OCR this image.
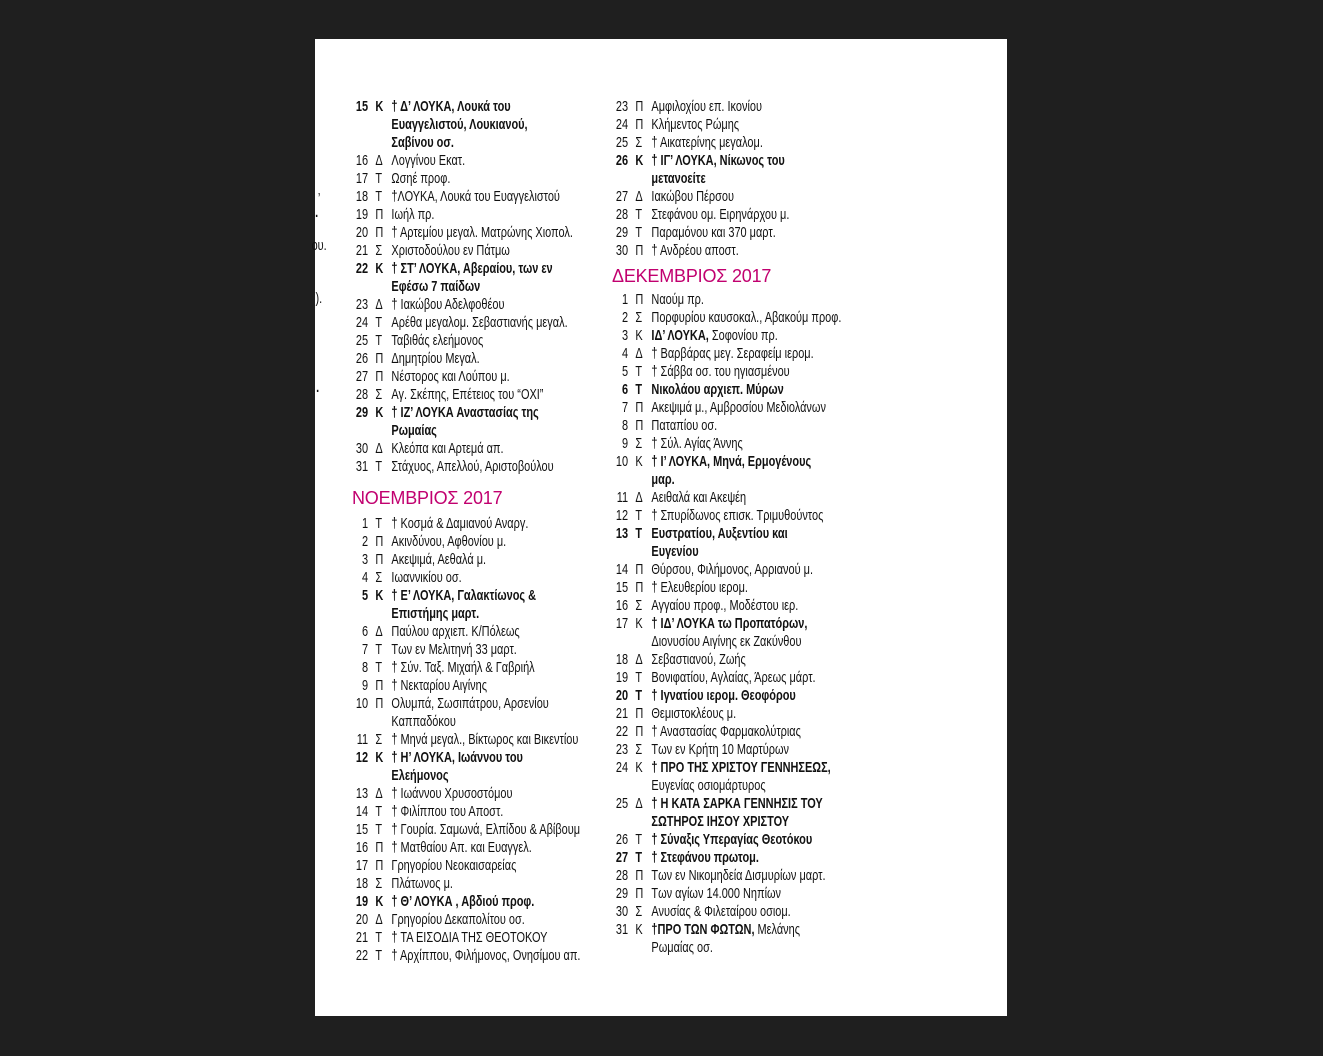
’
.
ου.
).
.
15 Κ † Δ’ ΛΟΥΚΑ, Λουκά του
Ευαγγελιστού, Λουκιανού,
Σαβίνου οσ.
16 Δ Λογγίνου Εκατ.
17 Τ Ωσηέ προφ.
18 Τ †ΛΟΥΚΑ, Λουκά του Ευαγγελιστού
19 Π Ιωήλ πρ.
20 Π † Αρτεμίου μεγαλ. Ματρώνης Χιοπολ.
21 Σ Χριστοδούλου εν Πάτμω
22 Κ † ΣΤ’ ΛΟΥΚΑ, Αβεραίου, των εν
Εφέσω 7 παίδων
23 Δ † Ιακώβου Αδελφοθέου
24 Τ Αρέθα μεγαλομ. Σεβαστιανής μεγαλ.
25 Τ Ταβιθάς ελεήμονος
26 Π Δημητρίου Μεγαλ.
27 Π Νέστορος και Λούπου μ.
28 Σ Αγ. Σκέπης, Επέτειος του “ΟΧΙ”
29 Κ † ΙΖ’ ΛΟΥΚΑ Αναστασίας της
Ρωμαίας
30 Δ Κλεόπα και Αρτεμά απ.
31 Τ Στάχυος, Απελλού, Αριστοβούλου
ΝΟΕΜΒΡΙΟΣ 2017
1 Τ † Κοσμά & Δαμιανού Αναργ.
2 Π Ακινδύνου, Αφθονίου μ.
3 Π Ακεψιμά, Αεθαλά μ.
4 Σ Ιωαννικίου οσ.
5 Κ † Ε’ ΛΟΥΚΑ, Γαλακτίωνος &
Επιστήμης μαρτ.
6 Δ Παύλου αρχιεπ. Κ/Πόλεως
7 Τ Των εν Μελιτηνή 33 μαρτ.
8 Τ † Σύν. Ταξ. Μιχαήλ & Γαβριήλ
9 Π † Νεκταρίου Αιγίνης
10 Π Ολυμπά, Σωσιπάτρου, Αρσενίου
Καππαδόκου
11 Σ † Μηνά μεγαλ., Βίκτωρος και Βικεντίου
12 Κ † Η’ ΛΟΥΚΑ, Ιωάννου του
Ελεήμονος
13 Δ † Ιωάννου Χρυσοστόμου
14 Τ † Φιλίππου του Αποστ.
15 Τ † Γουρία. Σαμωνά, Ελπίδου & Αβίβουμ
16 Π † Ματθαίου Απ. και Ευαγγελ.
17 Π Γρηγορίου Νεοκαισαρείας
18 Σ Πλάτωνος μ.
19 Κ † Θ’ ΛΟΥΚΑ , Αβδιού προφ.
20 Δ Γρηγορίου Δεκαπολίτου οσ.
21 Τ † ΤΑ ΕΙΣΟΔΙΑ ΤΗΣ ΘΕΟΤΟΚΟΥ
22 Τ † Αρχίππου, Φιλήμονος, Ονησίμου απ.
23 Π Αμφιλοχίου επ. Ικονίου
24 Π Κλήμεντος Ρώμης
25 Σ † Αικατερίνης μεγαλομ.
26 Κ † ΙΓ’ ΛΟΥΚΑ, Νίκωνος του
μετανοείτε
27 Δ Ιακώβου Πέρσου
28 Τ Στεφάνου ομ. Ειρηνάρχου μ.
29 Τ Παραμόνου και 370 μαρτ.
30 Π † Ανδρέου αποστ.
ΔΕΚΕΜΒΡΙΟΣ 2017
1 Π Ναούμ πρ.
2 Σ Πορφυρίου καυσοκαλ., Αβακούμ προφ.
3 Κ ΙΔ’ ΛΟΥΚΑ, Σοφονίου πρ.
4 Δ † Βαρβάρας μεγ. Σεραφείμ ιερομ.
5 Τ † Σάββα οσ. του ηγιασμένου
6 Τ Νικολάου αρχιεπ. Μύρων
7 Π Ακεψιμά μ., Αμβροσίου Μεδιολάνων
8 Π Παταπίου οσ.
9 Σ † Σύλ. Αγίας Άννης
10 Κ † Ι’ ΛΟΥΚΑ, Μηνά, Ερμογένους
μαρ.
11 Δ Αειθαλά και Ακεψέη
12 Τ † Σπυρίδωνος επισκ. Τριμυθούντος
13 Τ Ευστρατίου, Αυξεντίου και
Ευγενίου
14 Π Θύρσου, Φιλήμονος, Αρριανού μ.
15 Π † Ελευθερίου ιερομ.
16 Σ Αγγαίου προφ., Μοδέστου ιερ.
17 Κ † ΙΔ’ ΛΟΥΚΑ τω Προπατόρων,
Διονυσίου Αιγίνης εκ Ζακύνθου
18 Δ Σεβαστιανού, Ζωής
19 Τ Βονιφατίου, Αγλαίας, Άρεως μάρτ.
20 Τ † Ιγνατίου ιερομ. Θεοφόρου
21 Π Θεμιστοκλέους μ.
22 Π † Αναστασίας Φαρμακολύτριας
23 Σ Των εν Κρήτη 10 Μαρτύρων
24 Κ † ΠΡΟ ΤΗΣ ΧΡΙΣΤΟΥ ΓΕΝΝΗΣΕΩΣ,
Ευγενίας οσιομάρτυρος
25 Δ † Η ΚΑΤΑ ΣΑΡΚΑ ΓΕΝΝΗΣΙΣ ΤΟΥ
ΣΩΤΗΡΟΣ ΙΗΣΟΥ ΧΡΙΣΤΟΥ
26 Τ † Σύναξις Υπεραγίας Θεοτόκου
27 Τ † Στεφάνου πρωτομ.
28 Π Των εν Νικομηδεία Δισμυρίων μαρτ.
29 Π Των αγίων 14.000 Νηπίων
30 Σ Ανυσίας & Φιλεταίρου οσιομ.
31 Κ †ΠΡΟ ΤΩΝ ΦΩΤΩΝ, Μελάνης
Ρωμαίας οσ.
